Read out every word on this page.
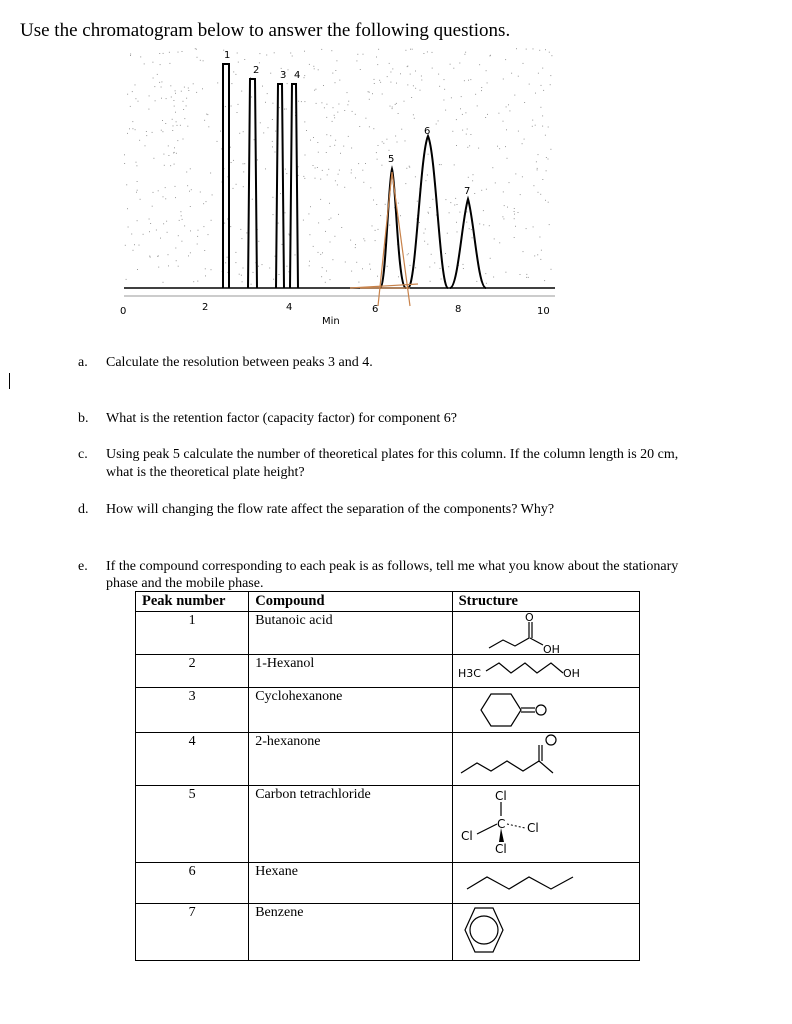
Use the chromatogram below to answer the following questions.
1
2 3 4
5
6
7
0	2	4	6	8	10
Min
a. Calculate the resolution between peaks 3 and 4.
b. What is the retention factor (capacity factor) for component 6?
c. Using peak 5 calculate the number of theoretical plates for this column. If the column length is 20 cm,
what is the theoretical plate height?
d. How will changing the flow rate affect the separation of the components? Why?
e. If the compound corresponding to each peak is as follows, tell me what you know about the stationary
phase and the mobile phase.
Peak number	Compound	Structure
1	Butanoic acid	O
OH

2	1-Hexanol	H3C OH

3	Cyclohexanone	

4	2-hexanone	

5	Carbon tetrachloride	Cl
C
Cl
Cl
Cl

6	Hexane	

7	Benzene	
